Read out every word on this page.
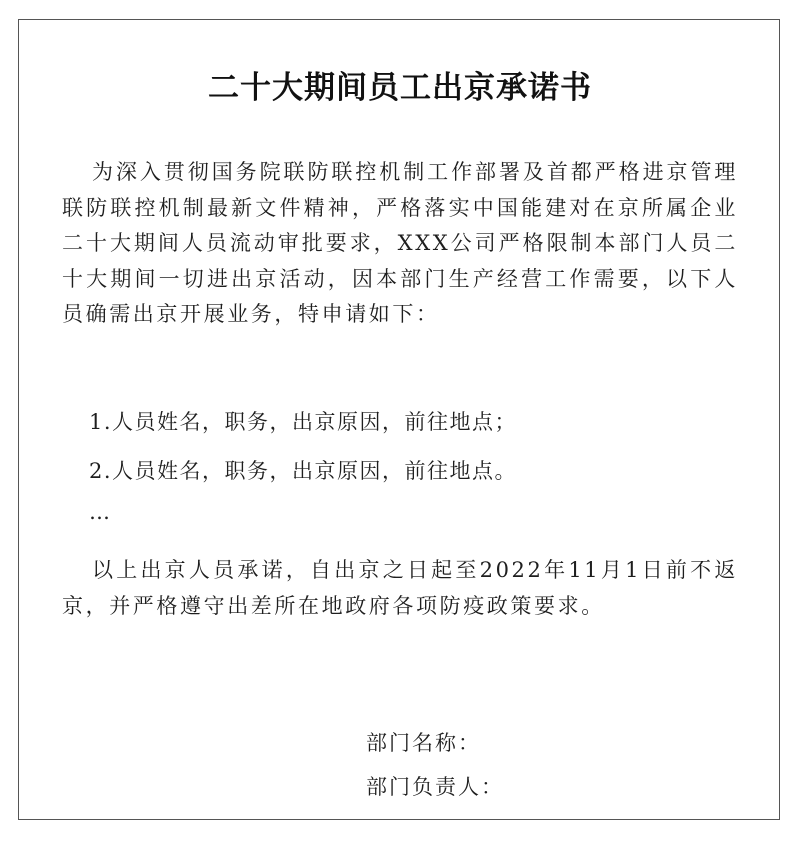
二十大期间员工出京承诺书
为深入贯彻国务院联防联控机制工作部署及首都严格进京管理联防联控机制最新文件精神，严格落实中国能建对在京所属企业二十大期间人员流动审批要求，XXX公司严格限制本部门人员二十大期间一切进出京活动，因本部门生产经营工作需要，以下人员确需出京开展业务，特申请如下：
1.人员姓名，职务，出京原因，前往地点；
2.人员姓名，职务，出京原因，前往地点。
…
以上出京人员承诺，自出京之日起至2022年11月1日前不返京，并严格遵守出差所在地政府各项防疫政策要求。
部门名称：
部门负责人：
